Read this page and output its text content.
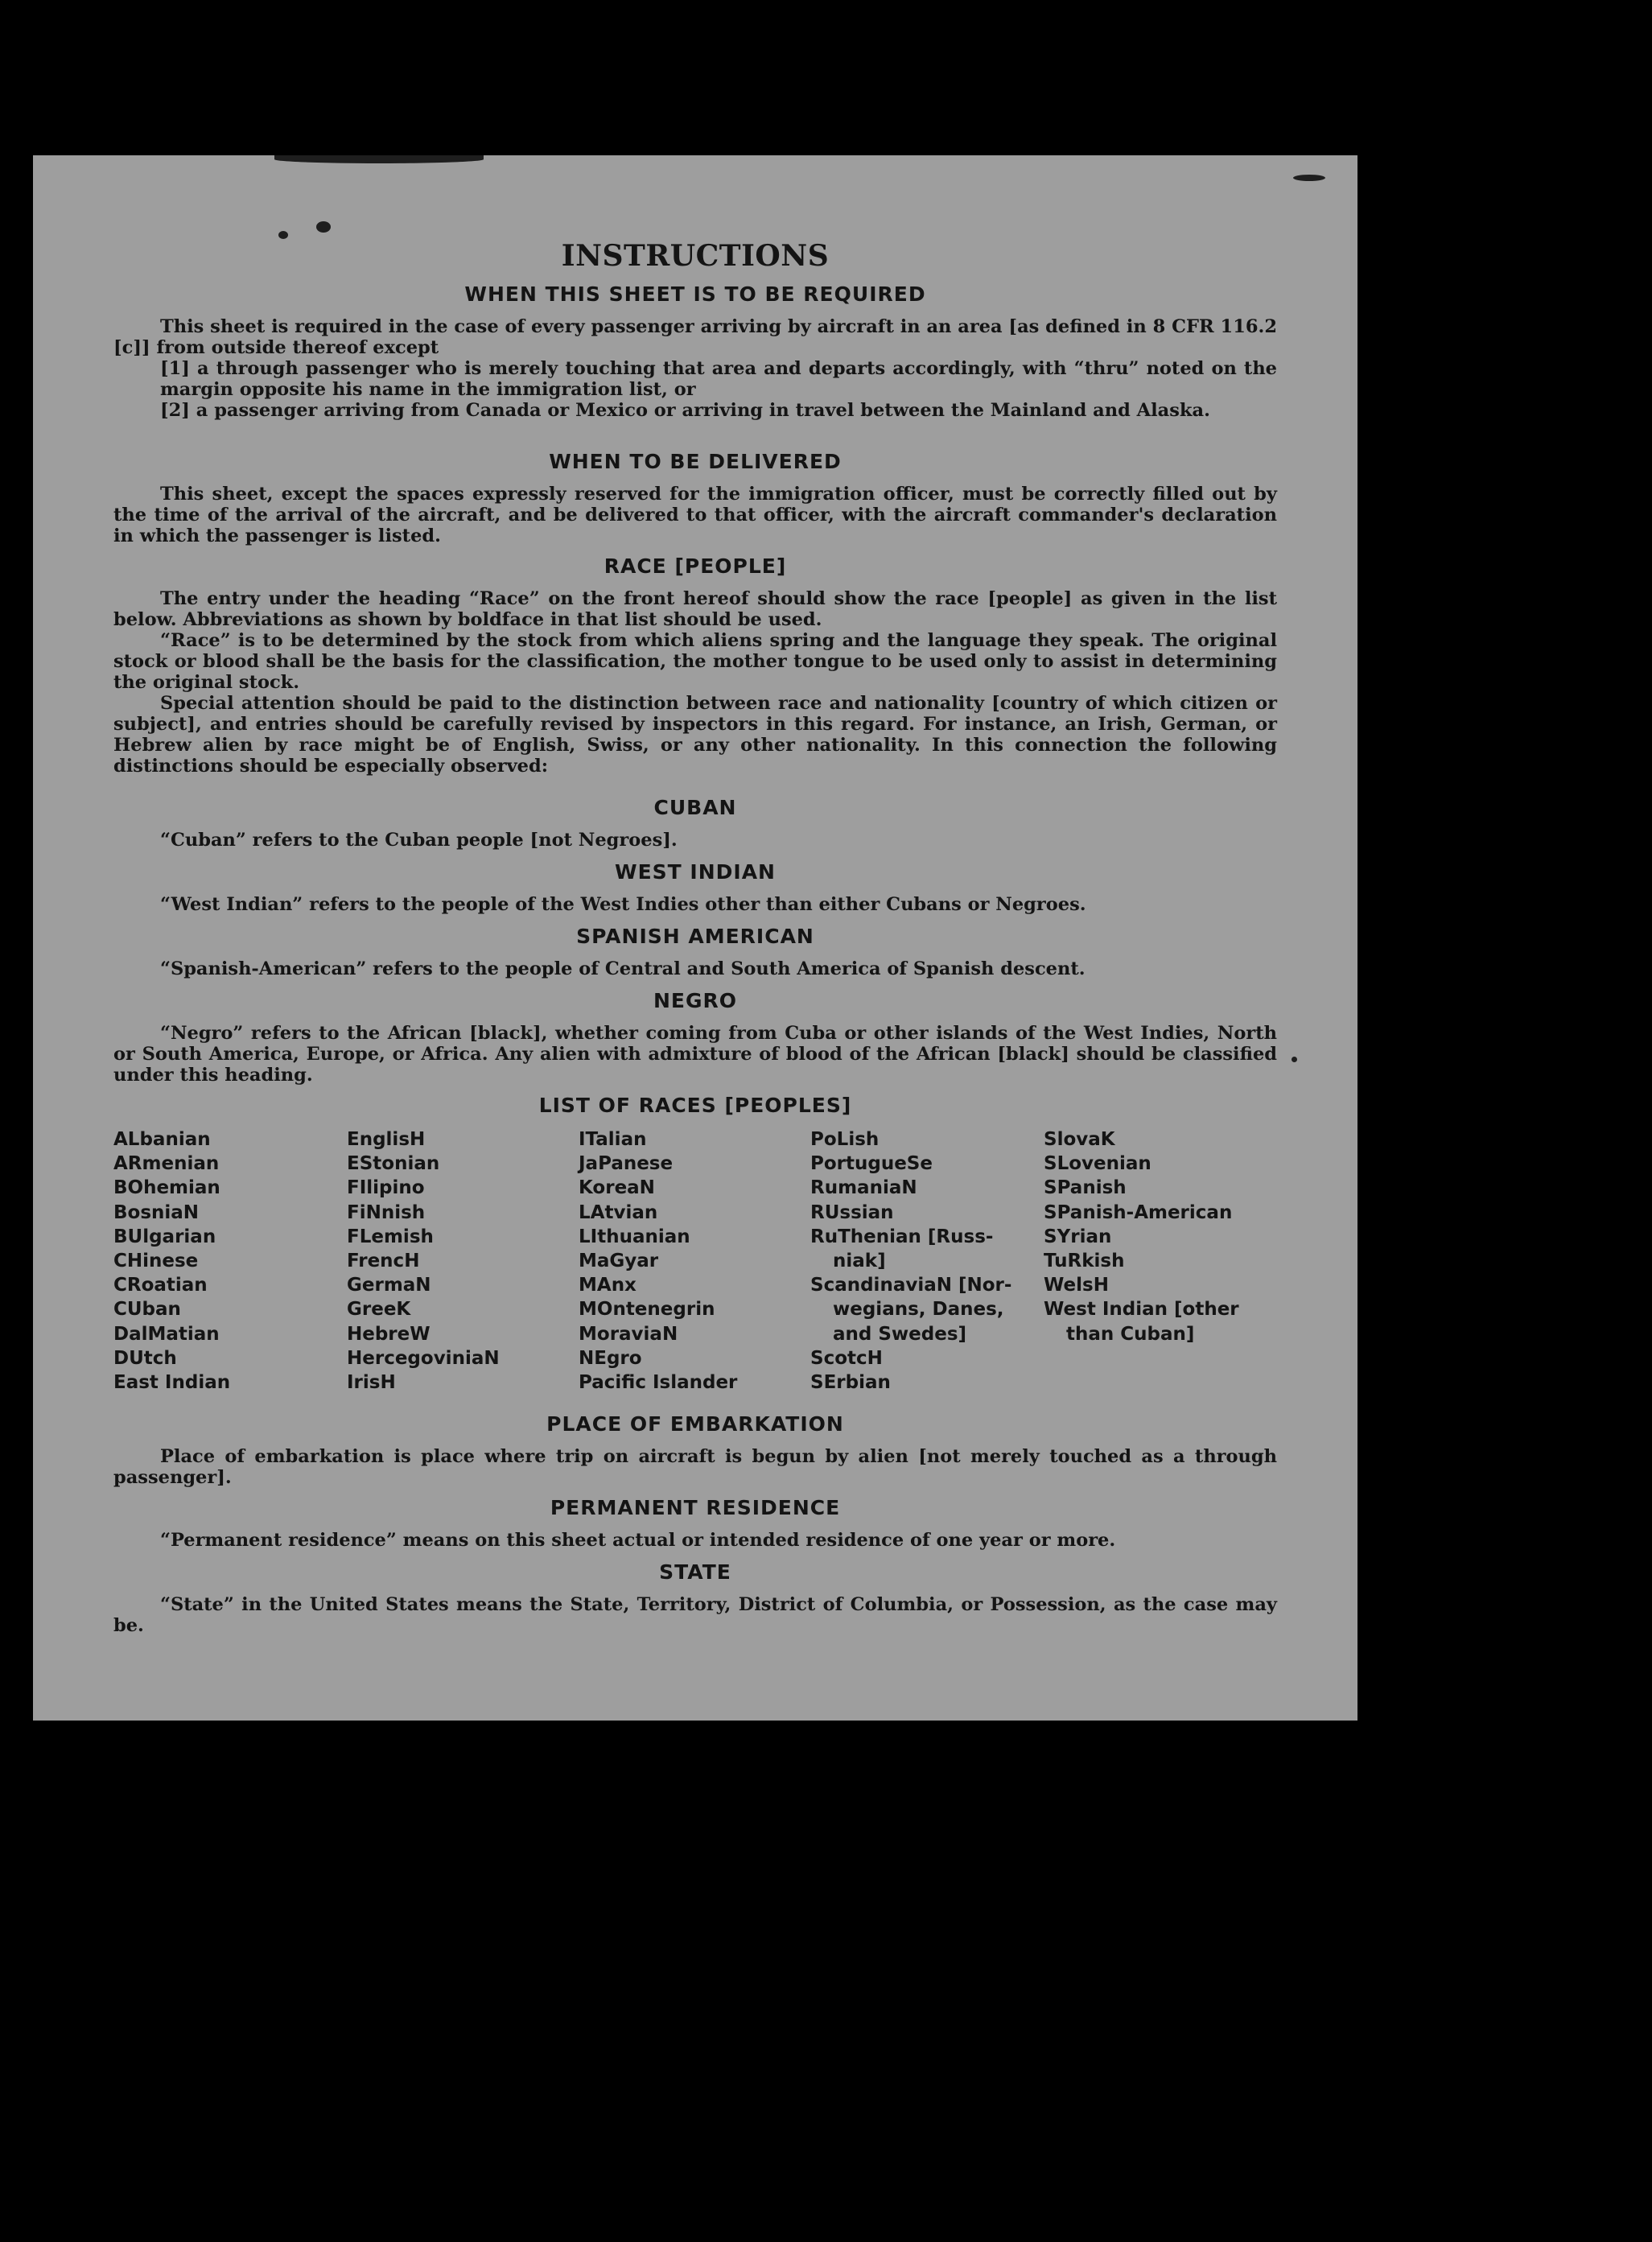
INSTRUCTIONS
WHEN THIS SHEET IS TO BE REQUIRED
This sheet is required in the case of every passenger arriving by aircraft in an area [as defined in 8 CFR 116.2 [c]] from outside thereof except
[1] a through passenger who is merely touching that area and departs accordingly, with “thru” noted on the margin opposite his name in the immigration list, or
[2] a passenger arriving from Canada or Mexico or arriving in travel between the Mainland and Alaska.
WHEN TO BE DELIVERED
This sheet, except the spaces expressly reserved for the immigration officer, must be correctly filled out by the time of the arrival of the aircraft, and be delivered to that officer, with the aircraft commander's declaration in which the passenger is listed.
RACE [PEOPLE]
The entry under the heading “Race” on the front hereof should show the race [people] as given in the list below. Abbreviations as shown by boldface in that list should be used.
“Race” is to be determined by the stock from which aliens spring and the language they speak. The original stock or blood shall be the basis for the classification, the mother tongue to be used only to assist in determining the original stock.
Special attention should be paid to the distinction between race and nationality [country of which citizen or subject], and entries should be carefully revised by inspectors in this regard. For instance, an Irish, German, or Hebrew alien by race might be of English, Swiss, or any other nationality. In this connection the following distinctions should be especially observed:
CUBAN
“Cuban” refers to the Cuban people [not Negroes].
WEST INDIAN
“West Indian” refers to the people of the West Indies other than either Cubans or Negroes.
SPANISH AMERICAN
“Spanish-American” refers to the people of Central and South America of Spanish descent.
NEGRO
“Negro” refers to the African [black], whether coming from Cuba or other islands of the West Indies, North or South America, Europe, or Africa. Any alien with admixture of blood of the African [black] should be classified under this heading.
LIST OF RACES [PEOPLES]
ALbanian
ARmenian
BOhemian
BosniaN
BUlgarian
CHinese
CRoatian
CUban
DalMatian
DUtch
East Indian
EnglisH
EStonian
FIlipino
FiNnish
FLemish
FrencH
GermaN
GreeK
HebreW
HercegoviniaN
IrisH
ITalian
JaPanese
KoreaN
LAtvian
LIthuanian
MaGyar
MAnx
MOntenegrin
MoraviaN
NEgro
Pacific Islander
PoLish
PortugueSe
RumaniaN
RUssian
RuThenian [Russ-
niak]
ScandinaviaN [Nor-
wegians, Danes,
and Swedes]
ScotcH
SErbian
SlovaK
SLovenian
SPanish
SPanish-American
SYrian
TuRkish
WelsH
West Indian [other
than Cuban]
PLACE OF EMBARKATION
Place of embarkation is place where trip on aircraft is begun by alien [not merely touched as a through passenger].
PERMANENT RESIDENCE
“Permanent residence” means on this sheet actual or intended residence of one year or more.
STATE
“State” in the United States means the State, Territory, District of Columbia, or Possession, as the case may be.
